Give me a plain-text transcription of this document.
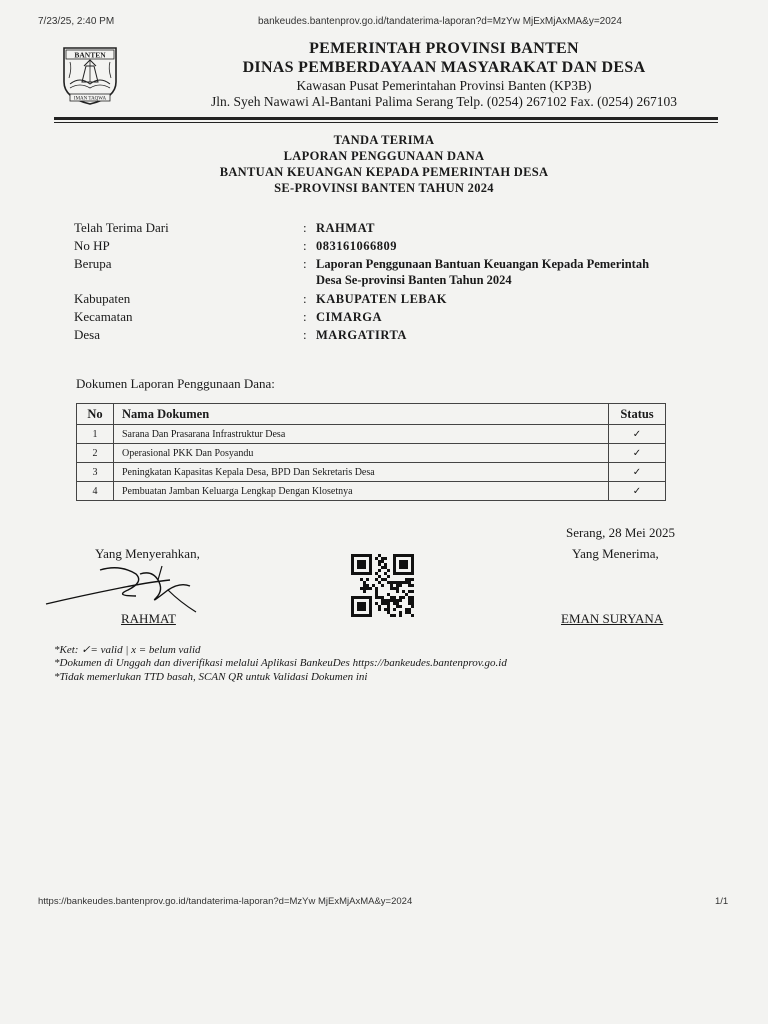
7/23/25, 2:40 PM	bankeudes.bantenprov.go.id/tandaterima-laporan?d=MzYw MjExMjAxMA&y=2024
BANTEN
IMAN TAQWA
PEMERINTAH PROVINSI BANTEN
DINAS PEMBERDAYAAN MASYARAKAT DAN DESA
Kawasan Pusat Pemerintahan Provinsi Banten (KP3B)
Jln. Syeh Nawawi Al-Bantani Palima Serang Telp. (0254) 267102 Fax. (0254) 267103
TANDA TERIMA
LAPORAN PENGGUNAAN DANA
BANTUAN KEUANGAN KEPADA PEMERINTAH DESA
SE-PROVINSI BANTEN TAHUN 2024
Telah Terima Dari	: RAHMAT
No HP	: 083161066809
Berupa	: Laporan Penggunaan Bantuan Keuangan Kepada Pemerintah
Desa Se-provinsi Banten Tahun 2024
Kabupaten	: KABUPATEN LEBAK
Kecamatan	: CIMARGA
Desa	: MARGATIRTA
Dokumen Laporan Penggunaan Dana:
No	Nama Dokumen	Status
1	Sarana Dan Prasarana Infrastruktur Desa	✓
2	Operasional PKK Dan Posyandu	✓
3	Peningkatan Kapasitas Kepala Desa, BPD Dan Sekretaris Desa	✓
4	Pembuatan Jamban Keluarga Lengkap Dengan Klosetnya	✓
Serang, 28 Mei 2025
Yang Menyerahkan,	Yang Menerima,
RAHMAT	EMAN SURYANA
*Ket: ✓= valid | x = belum valid
*Dokumen di Unggah dan diverifikasi melalui Aplikasi BankeuDes https://bankeudes.bantenprov.go.id
*Tidak memerlukan TTD basah, SCAN QR untuk Validasi Dokumen ini
https://bankeudes.bantenprov.go.id/tandaterima-laporan?d=MzYw MjExMjAxMA&y=2024	1/1
